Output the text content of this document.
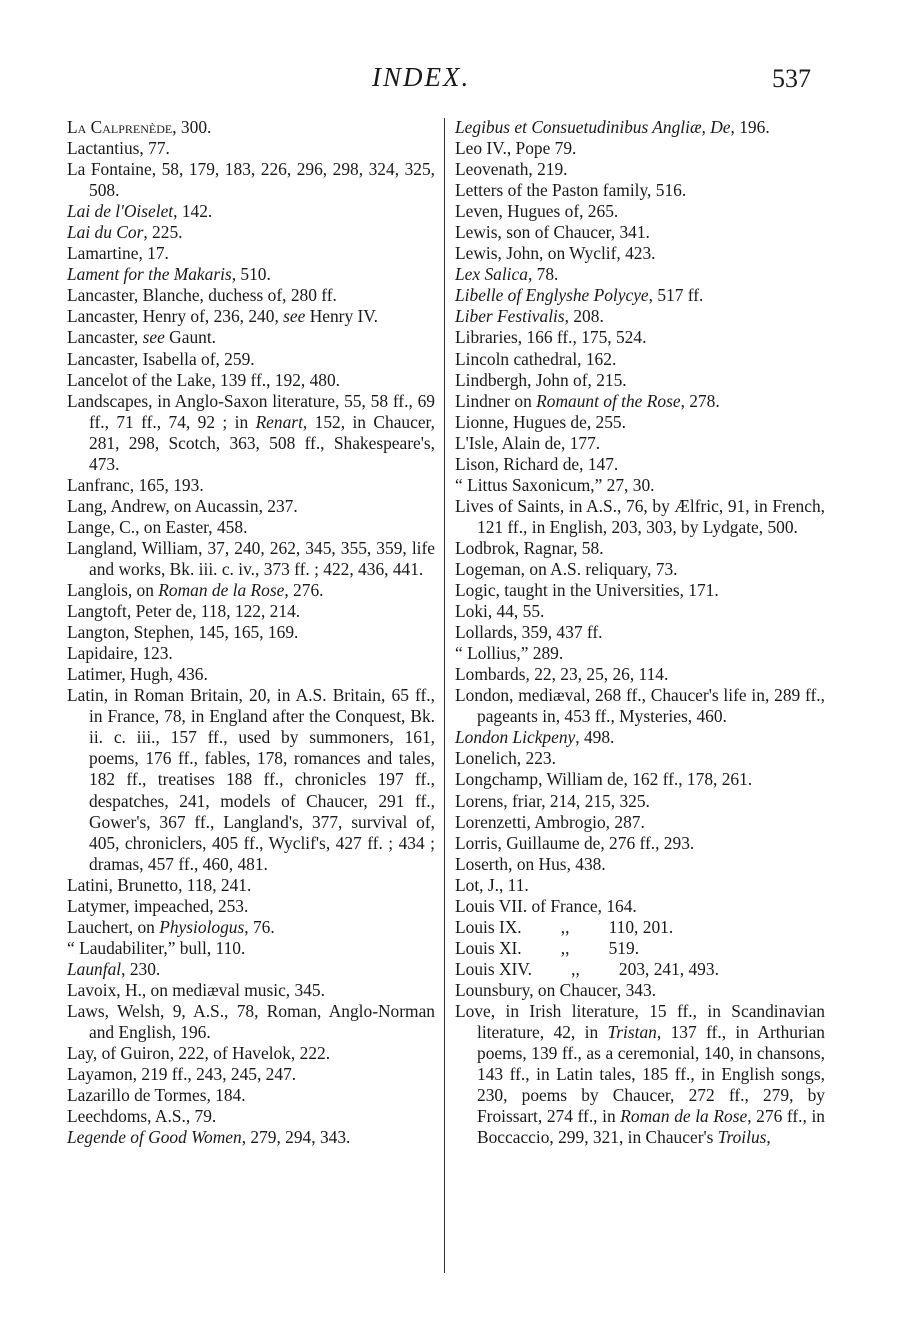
INDEX.	537

La Calprenède, 300.

Lactantius, 77.

La Fontaine, 58, 179, 183, 226, 296, 298, 324, 325, 508.

Lai de l'Oiselet, 142.

Lai du Cor, 225.

Lamartine, 17.

Lament for the Makaris, 510.

Lancaster, Blanche, duchess of, 280 ff.

Lancaster, Henry of, 236, 240, see Henry IV.

Lancaster, see Gaunt.

Lancaster, Isabella of, 259.

Lancelot of the Lake, 139 ff., 192, 480.

Landscapes, in Anglo-Saxon literature, 55, 58 ff., 69 ff., 71 ff., 74, 92 ; in Renart, 152, in Chaucer, 281, 298, Scotch, 363, 508 ff., Shakespeare's, 473.

Lanfranc, 165, 193.

Lang, Andrew, on Aucassin, 237.

Lange, C., on Easter, 458.

Langland, William, 37, 240, 262, 345, 355, 359, life and works, Bk. iii. c. iv., 373 ff. ; 422, 436, 441.

Langlois, on Roman de la Rose, 276.

Langtoft, Peter de, 118, 122, 214.

Langton, Stephen, 145, 165, 169.

Lapidaire, 123.

Latimer, Hugh, 436.

Latin, in Roman Britain, 20, in A.S. Britain, 65 ff., in France, 78, in England after the Conquest, Bk. ii. c. iii., 157 ff., used by summoners, 161, poems, 176 ff., fables, 178, romances and tales, 182 ff., treatises 188 ff., chronicles 197 ff., despatches, 241, models of Chaucer, 291 ff., Gower's, 367 ff., Langland's, 377, survival of, 405, chroniclers, 405 ff., Wyclif's, 427 ff. ; 434 ; dramas, 457 ff., 460, 481.

Latini, Brunetto, 118, 241.

Latymer, impeached, 253.

Lauchert, on Physiologus, 76.

“ Laudabiliter,” bull, 110.

Launfal, 230.

Lavoix, H., on mediæval music, 345.

Laws, Welsh, 9, A.S., 78, Roman, Anglo-Norman and English, 196.

Lay, of Guiron, 222, of Havelok, 222.

Layamon, 219 ff., 243, 245, 247.

Lazarillo de Tormes, 184.

Leechdoms, A.S., 79.

Legende of Good Women, 279, 294, 343.

Legibus et Consuetudinibus Angliæ, De, 196.

Leo IV., Pope 79.

Leovenath, 219.

Letters of the Paston family, 516.

Leven, Hugues of, 265.

Lewis, son of Chaucer, 341.

Lewis, John, on Wyclif, 423.

Lex Salica, 78.

Libelle of Englyshe Polycye, 517 ff.

Liber Festivalis, 208.

Libraries, 166 ff., 175, 524.

Lincoln cathedral, 162.

Lindbergh, John of, 215.

Lindner on Romaunt of the Rose, 278.

Lionne, Hugues de, 255.

L'Isle, Alain de, 177.

Lison, Richard de, 147.

“ Littus Saxonicum,” 27, 30.

Lives of Saints, in A.S., 76, by Ælfric, 91, in French, 121 ff., in English, 203, 303, by Lydgate, 500.

Lodbrok, Ragnar, 58.

Logeman, on A.S. reliquary, 73.

Logic, taught in the Universities, 171.

Loki, 44, 55.

Lollards, 359, 437 ff.

“ Lollius,” 289.

Lombards, 22, 23, 25, 26, 114.

London, mediæval, 268 ff., Chaucer's life in, 289 ff., pageants in, 453 ff., Mysteries, 460.

London Lickpeny, 498.

Lonelich, 223.

Longchamp, William de, 162 ff., 178, 261.

Lorens, friar, 214, 215, 325.

Lorenzetti, Ambrogio, 287.

Lorris, Guillaume de, 276 ff., 293.

Loserth, on Hus, 438.

Lot, J., 11.

Louis VII. of France, 164.

Louis IX.   ,,   110, 201.

Louis XI.   ,,   519.

Louis XIV.   ,,   203, 241, 493.

Lounsbury, on Chaucer, 343.

Love, in Irish literature, 15 ff., in Scandinavian literature, 42, in Tristan, 137 ff., in Arthurian poems, 139 ff., as a ceremonial, 140, in chansons, 143 ff., in Latin tales, 185 ff., in English songs, 230, poems by Chaucer, 272 ff., 279, by Froissart, 274 ff., in Roman de la Rose, 276 ff., in Boccaccio, 299, 321, in Chaucer's Troilus,
